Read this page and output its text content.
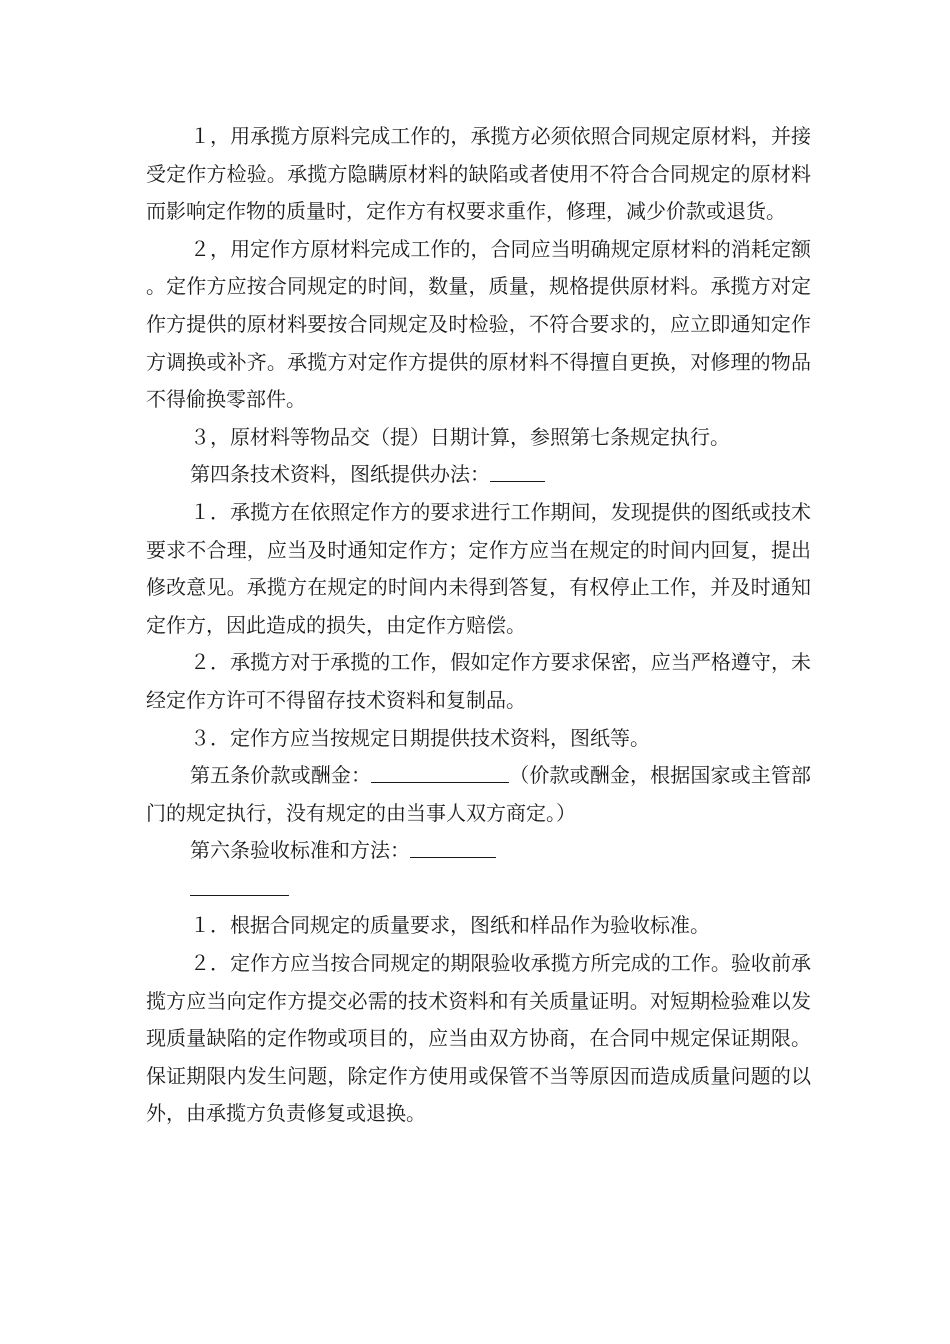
１，用承揽方原料完成工作的，承揽方必须依照合同规定原材料，并接受定作方检验。承揽方隐瞒原材料的缺陷或者使用不符合合同规定的原材料而影响定作物的质量时，定作方有权要求重作，修理，减少价款或退货。

２，用定作方原材料完成工作的，合同应当明确规定原材料的消耗定额。定作方应按合同规定的时间，数量，质量，规格提供原材料。承揽方对定作方提供的原材料要按合同规定及时检验，不符合要求的，应立即通知定作方调换或补齐。承揽方对定作方提供的原材料不得擅自更换，对修理的物品不得偷换零部件。

３，原材料等物品交（提）日期计算，参照第七条规定执行。

第四条技术资料，图纸提供办法：

１．承揽方在依照定作方的要求进行工作期间，发现提供的图纸或技术要求不合理，应当及时通知定作方；定作方应当在规定的时间内回复，提出修改意见。承揽方在规定的时间内未得到答复，有权停止工作，并及时通知定作方，因此造成的损失，由定作方赔偿。

２．承揽方对于承揽的工作，假如定作方要求保密，应当严格遵守，未经定作方许可不得留存技术资料和复制品。

３．定作方应当按规定日期提供技术资料，图纸等。

第五条价款或酬金：	（价款或酬金，根据国家或主管部门的规定执行，没有规定的由当事人双方商定。）

第六条验收标准和方法：

１．根据合同规定的质量要求，图纸和样品作为验收标准。

２．定作方应当按合同规定的期限验收承揽方所完成的工作。验收前承揽方应当向定作方提交必需的技术资料和有关质量证明。对短期检验难以发现质量缺陷的定作物或项目的，应当由双方协商，在合同中规定保证期限。保证期限内发生问题，除定作方使用或保管不当等原因而造成质量问题的以外，由承揽方负责修复或退换。
